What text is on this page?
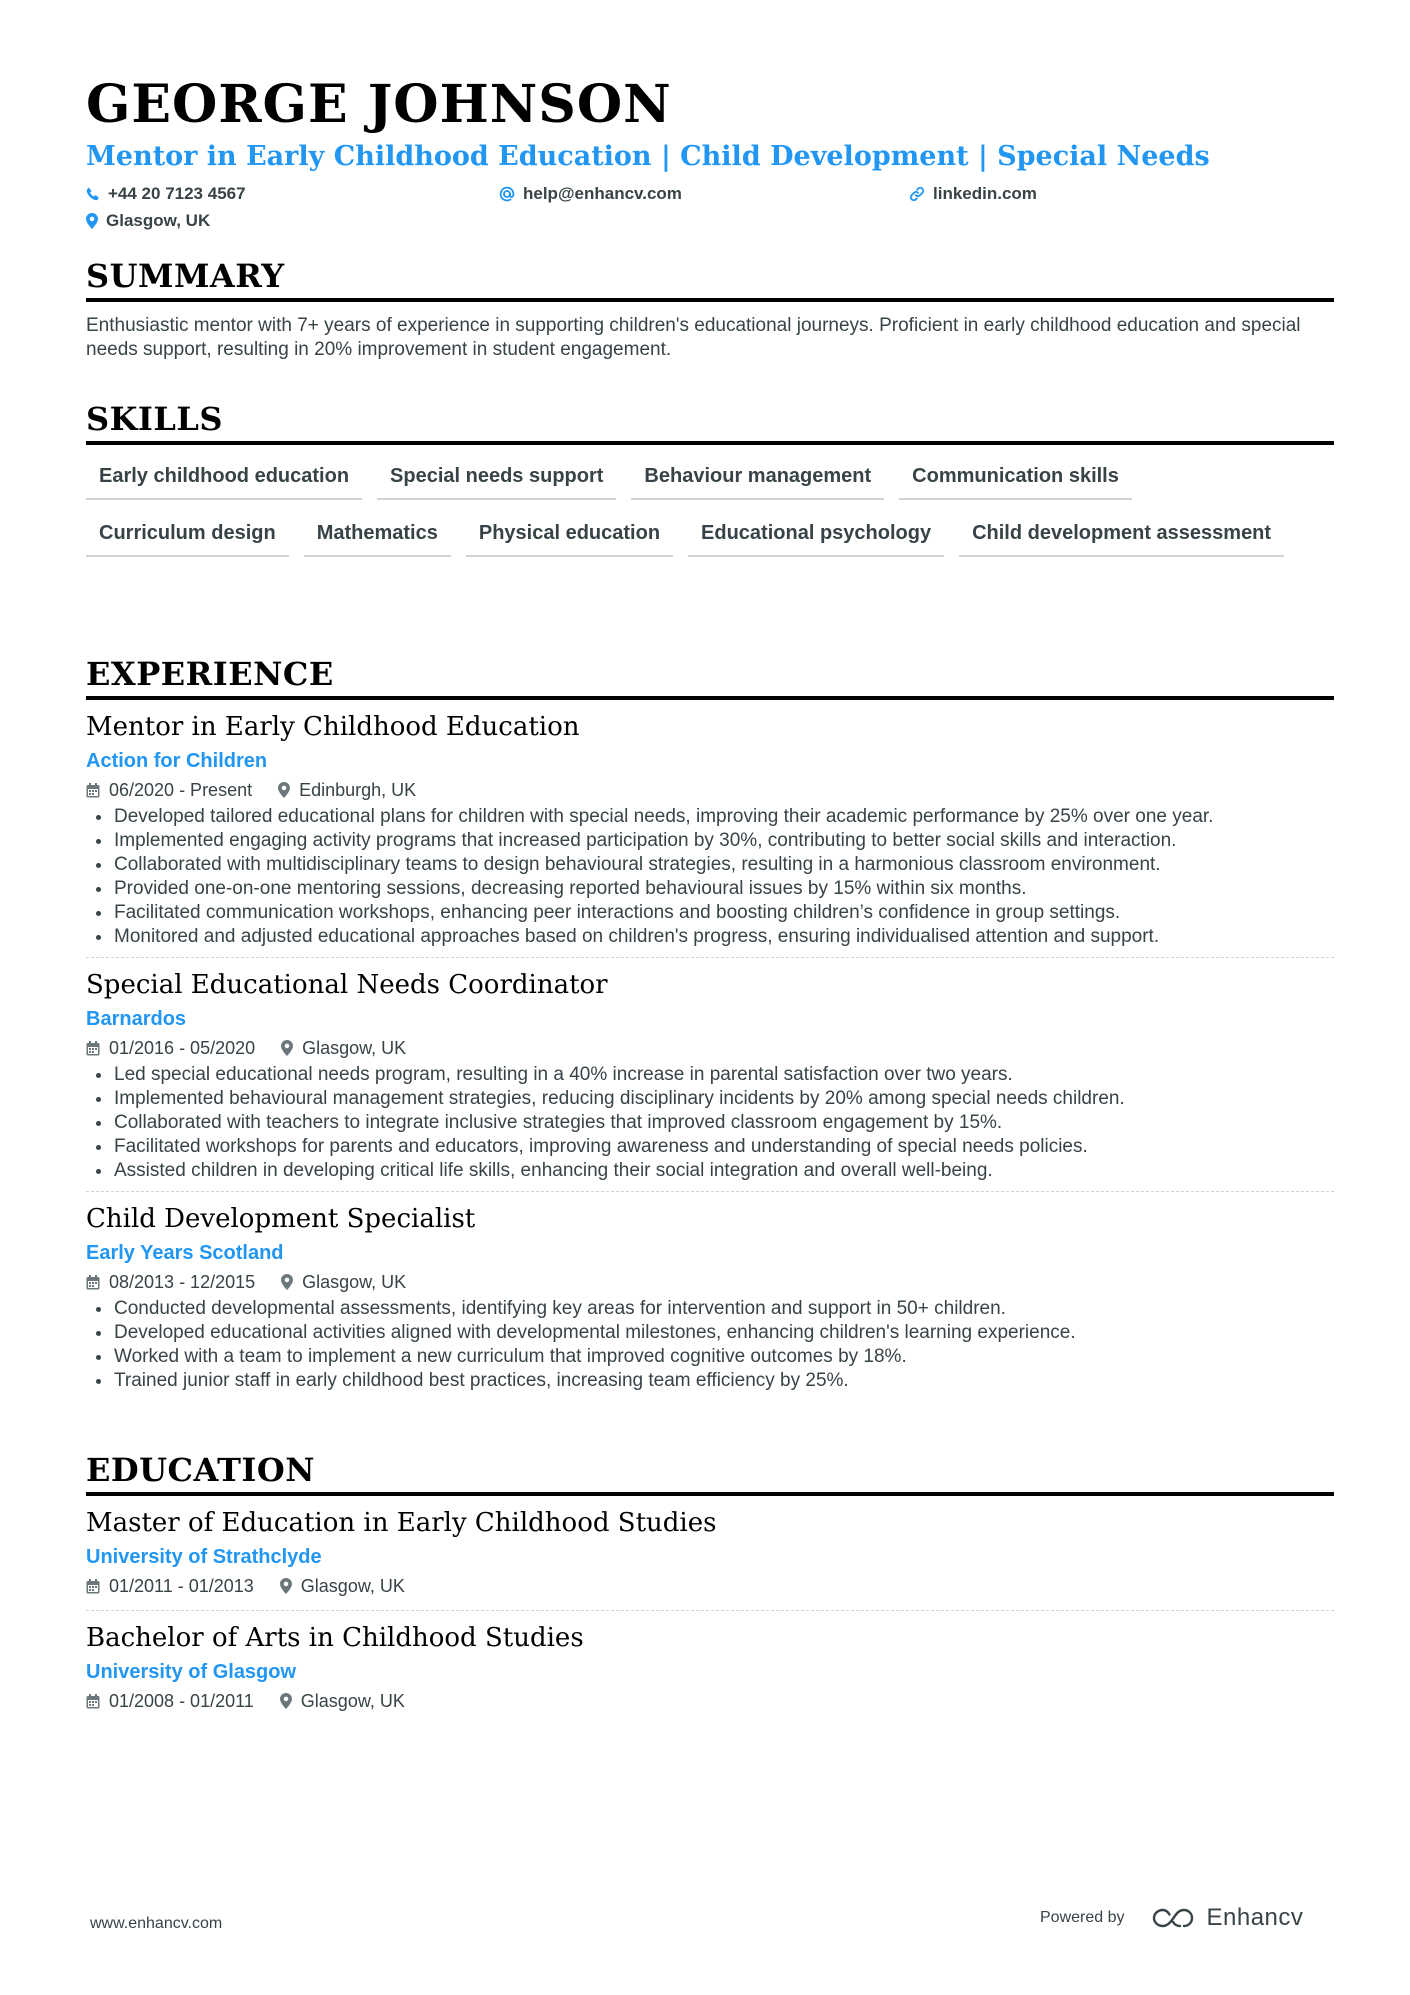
GEORGE JOHNSON
Mentor in Early Childhood Education | Child Development | Special Needs
+44 20 7123 4567	help@enhancv.com	linkedin.com
Glasgow, UK
SUMMARY
Enthusiastic mentor with 7+ years of experience in supporting children's educational journeys. Proficient in early childhood education and special needs support, resulting in 20% improvement in student engagement.
SKILLS
Early childhood education	Special needs support	Behaviour management	Communication skills
Curriculum design	Mathematics	Physical education	Educational psychology	Child development assessment
EXPERIENCE
Mentor in Early Childhood Education
Action for Children
06/2020 - Present	Edinburgh, UK
Developed tailored educational plans for children with special needs, improving their academic performance by 25% over one year.
Implemented engaging activity programs that increased participation by 30%, contributing to better social skills and interaction.
Collaborated with multidisciplinary teams to design behavioural strategies, resulting in a harmonious classroom environment.
Provided one-on-one mentoring sessions, decreasing reported behavioural issues by 15% within six months.
Facilitated communication workshops, enhancing peer interactions and boosting children’s confidence in group settings.
Monitored and adjusted educational approaches based on children's progress, ensuring individualised attention and support.
Special Educational Needs Coordinator
Barnardos
01/2016 - 05/2020	Glasgow, UK
Led special educational needs program, resulting in a 40% increase in parental satisfaction over two years.
Implemented behavioural management strategies, reducing disciplinary incidents by 20% among special needs children.
Collaborated with teachers to integrate inclusive strategies that improved classroom engagement by 15%.
Facilitated workshops for parents and educators, improving awareness and understanding of special needs policies.
Assisted children in developing critical life skills, enhancing their social integration and overall well-being.
Child Development Specialist
Early Years Scotland
08/2013 - 12/2015	Glasgow, UK
Conducted developmental assessments, identifying key areas for intervention and support in 50+ children.
Developed educational activities aligned with developmental milestones, enhancing children's learning experience.
Worked with a team to implement a new curriculum that improved cognitive outcomes by 18%.
Trained junior staff in early childhood best practices, increasing team efficiency by 25%.
EDUCATION
Master of Education in Early Childhood Studies
University of Strathclyde
01/2011 - 01/2013	Glasgow, UK
Bachelor of Arts in Childhood Studies
University of Glasgow
01/2008 - 01/2011	Glasgow, UK
www.enhancv.com	Powered by	Enhancv
